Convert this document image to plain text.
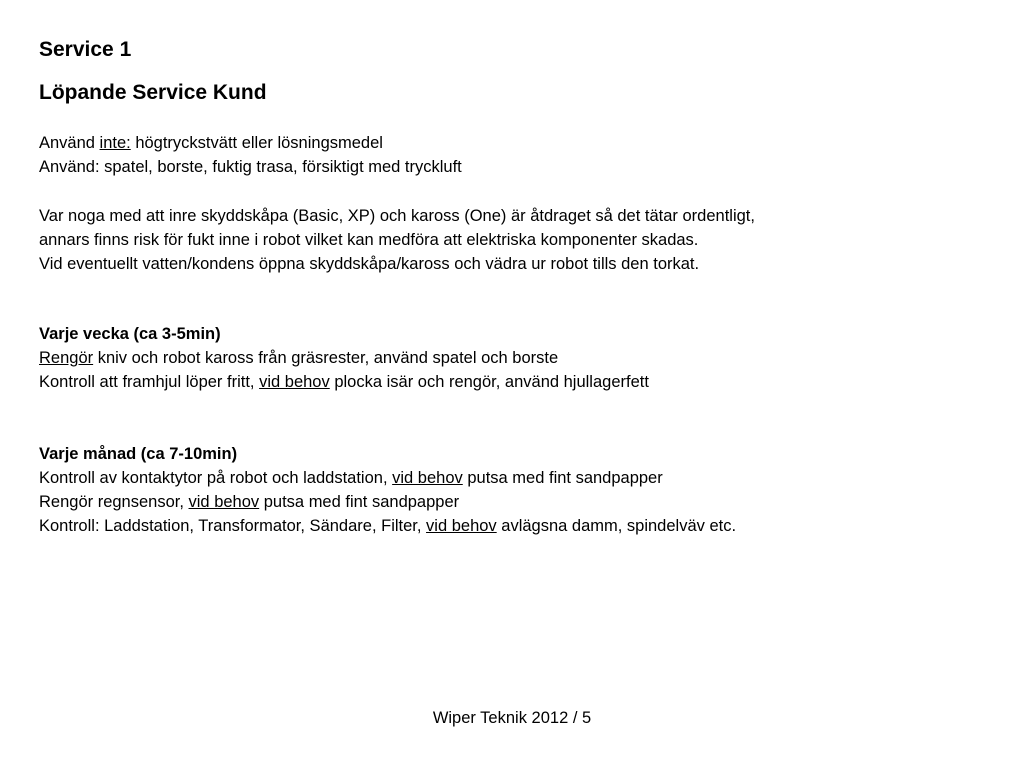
Service 1
Löpande Service Kund
Använd inte: högtryckstvätt eller lösningsmedel
Använd: spatel, borste, fuktig trasa, försiktigt med tryckluft
Var noga med att inre skyddskåpa (Basic, XP) och kaross (One) är åtdraget så det tätar ordentligt,
annars finns risk för fukt inne i robot vilket kan medföra att elektriska komponenter skadas.
Vid eventuellt vatten/kondens öppna skyddskåpa/kaross och vädra ur robot tills den torkat.
Varje vecka (ca 3-5min)
Rengör kniv och robot kaross från gräsrester, använd spatel och borste
Kontroll att framhjul löper fritt, vid behov plocka isär och rengör, använd hjullagerfett
Varje månad (ca 7-10min)
Kontroll av kontaktytor på robot och laddstation, vid behov putsa med fint sandpapper
Rengör regnsensor, vid behov putsa med fint sandpapper
Kontroll: Laddstation, Transformator, Sändare, Filter, vid behov avlägsna damm, spindelväv etc.
Wiper Teknik 2012 / 5
